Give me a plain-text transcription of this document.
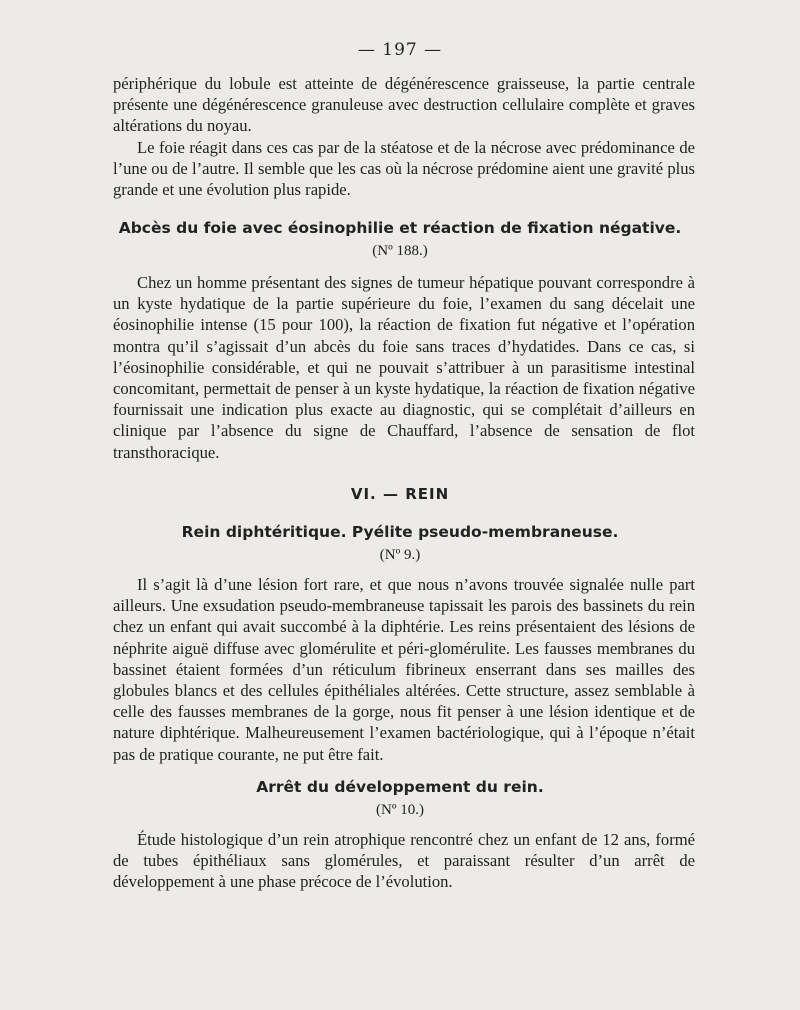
— 197 —

périphérique du lobule est atteinte de dégénérescence graisseuse, la partie centrale présente une dégénérescence granuleuse avec destruction cellulaire complète et graves altérations du noyau.

Le foie réagit dans ces cas par de la stéatose et de la nécrose avec prédominance de l’une ou de l’autre. Il semble que les cas où la nécrose prédomine aient une gravité plus grande et une évolution plus rapide.

Abcès du foie avec éosinophilie et réaction de fixation négative.
(Nº 188.)

Chez un homme présentant des signes de tumeur hépatique pouvant correspondre à un kyste hydatique de la partie supérieure du foie, l’examen du sang décelait une éosinophilie intense (15 pour 100), la réaction de fixation fut négative et l’opération montra qu’il s’agissait d’un abcès du foie sans traces d’hydatides. Dans ce cas, si l’éosinophilie considérable, et qui ne pouvait s’attribuer à un parasitisme intestinal concomitant, permettait de penser à un kyste hydatique, la réaction de fixation négative fournissait une indication plus exacte au diagnostic, qui se complétait d’ailleurs en clinique par l’absence du signe de Chauffard, l’absence de sensation de flot transthoracique.

VI. — REIN
Rein diphtéritique. Pyélite pseudo-membraneuse.
(Nº 9.)

Il s’agit là d’une lésion fort rare, et que nous n’avons trouvée signalée nulle part ailleurs. Une exsudation pseudo-membraneuse tapissait les parois des bassinets du rein chez un enfant qui avait succombé à la diphtérie. Les reins présentaient des lésions de néphrite aiguë diffuse avec glomérulite et péri-glomérulite. Les fausses membranes du bassinet étaient formées d’un réticulum fibrineux enserrant dans ses mailles des globules blancs et des cellules épithéliales altérées. Cette structure, assez semblable à celle des fausses membranes de la gorge, nous fit penser à une lésion identique et de nature diphtérique. Malheureusement l’examen bactériologique, qui à l’époque n’était pas de pratique courante, ne put être fait.

Arrêt du développement du rein.
(Nº 10.)

Étude histologique d’un rein atrophique rencontré chez un enfant de 12 ans, formé de tubes épithéliaux sans glomérules, et paraissant résulter d’un arrêt de développement à une phase précoce de l’évolution.
